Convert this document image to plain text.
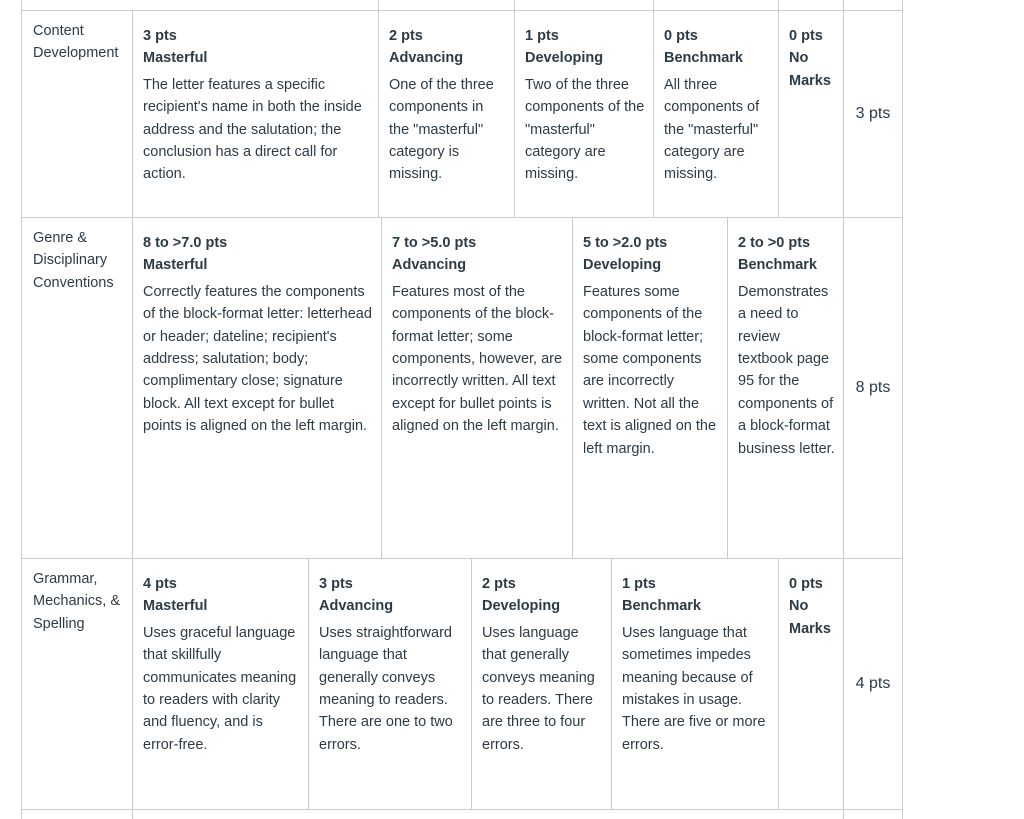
Content Development
3 pts
Masterful
The letter features a specific recipient's name in both the inside address and the salutation; the conclusion has a direct call for action.
2 pts
Advancing
One of the three components in the "masterful" category is missing.
1 pts
Developing
Two of the three components of the "masterful" category are missing.
0 pts
Benchmark
All three components of the "masterful" category are missing.
0 pts
No Marks
3 pts
Genre & Disciplinary Conventions
8 to >7.0 pts
Masterful
Correctly features the components of the block-format letter: letterhead or header; dateline; recipient's address; salutation; body; complimentary close; signature block. All text except for bullet points is aligned on the left margin.
7 to >5.0 pts
Advancing
Features most of the components of the block-format letter; some components, however, are incorrectly written. All text except for bullet points is aligned on the left margin.
5 to >2.0 pts
Developing
Features some components of the block-format letter; some components are incorrectly written. Not all the text is aligned on the left margin.
2 to >0 pts
Benchmark
Demonstrates a need to review textbook page 95 for the components of a block-format business letter.
8 pts
Grammar, Mechanics, & Spelling
4 pts
Masterful
Uses graceful language that skillfully communicates meaning to readers with clarity and fluency, and is error-free.
3 pts
Advancing
Uses straightforward language that generally conveys meaning to readers. There are one to two errors.
2 pts
Developing
Uses language that generally conveys meaning to readers. There are three to four errors.
1 pts
Benchmark
Uses language that sometimes impedes meaning because of mistakes in usage. There are five or more errors.
0 pts
No Marks
4 pts
